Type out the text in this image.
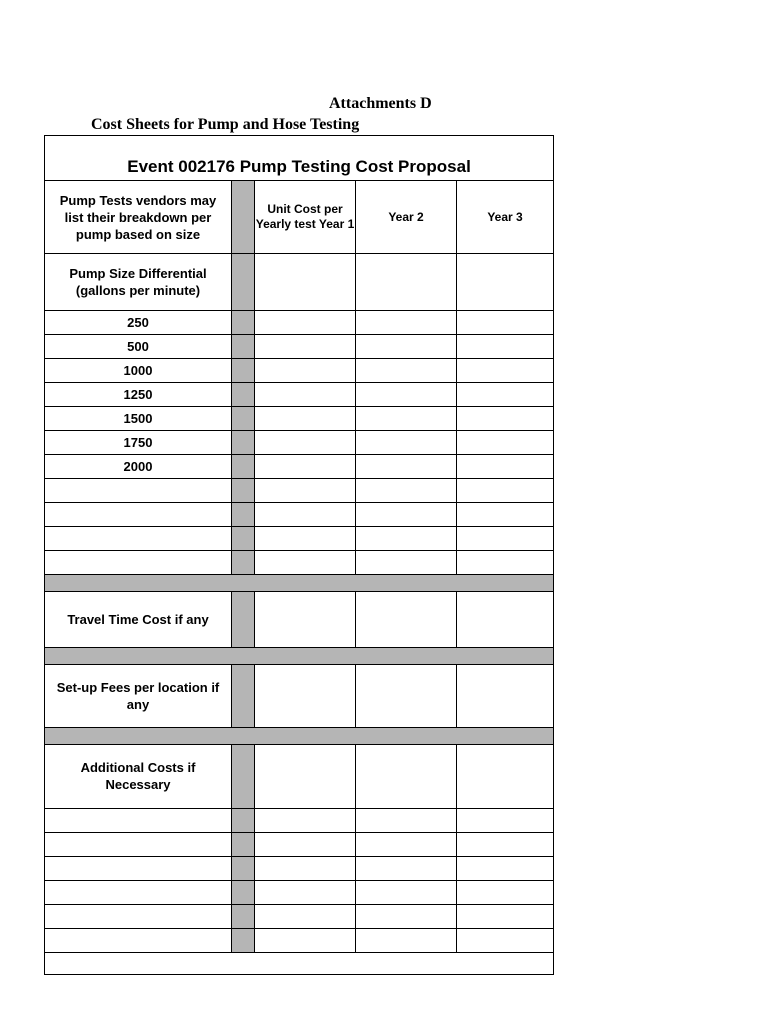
Attachments D
Cost Sheets for Pump and Hose Testing
Event 002176 Pump Testing Cost Proposal				
Pump Tests vendors may list their breakdown per pump based on size		Unit Cost per Yearly test Year 1	Year 2	Year 3
Pump Size Differential (gallons per minute)				
250				
500				
1000				
1250				
1500				
1750				
2000				

Travel Time Cost if any				

Set-up Fees per location if any				

Additional Costs if Necessary				
